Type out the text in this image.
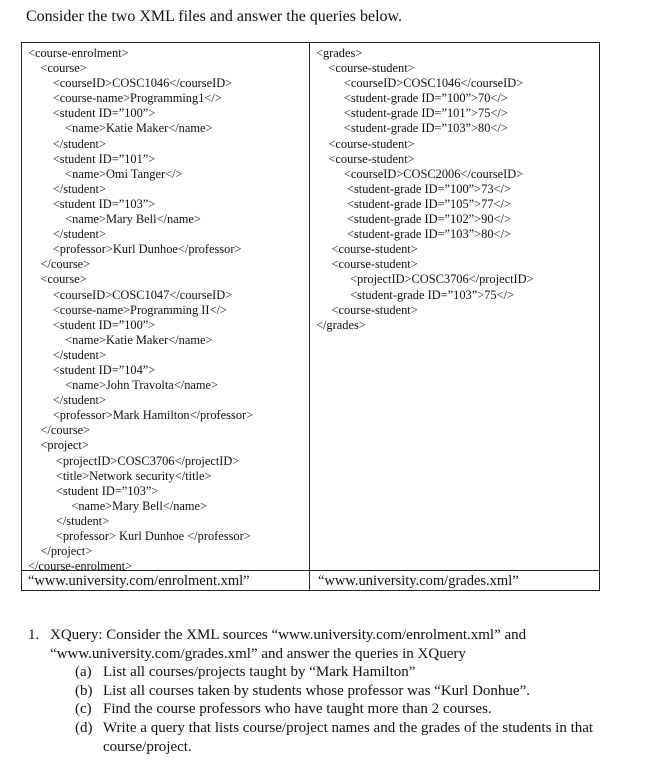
Consider the two XML files and answer the queries below.
<course-enrolment>
<course>
<courseID>COSC1046</courseID>
<course-name>Programming1</>
<student ID=”100”>
<name>Katie Maker</name>
</student>
<student ID=”101”>
<name>Omi Tanger</>
</student>
<student ID=”103”>
<name>Mary Bell</name>
</student>
<professor>Kurl Dunhoe</professor>
</course>
<course>
<courseID>COSC1047</courseID>
<course-name>Programming II</>
<student ID=”100”>
<name>Katie Maker</name>
</student>
<student ID=”104”>
<name>John Travolta</name>
</student>
<professor>Mark Hamilton</professor>
</course>
<project>
<projectID>COSC3706</projectID>
<title>Network security</title>
<student ID=”103”>
<name>Mary Bell</name>
</student>
<professor> Kurl Dunhoe </professor>
</project>
</course-enrolment>
<grades>
<course-student>
<courseID>COSC1046</courseID>
<student-grade ID=”100”>70</>
<student-grade ID=”101”>75</>
<student-grade ID=”103”>80</>
<course-student>
<course-student>
<courseID>COSC2006</courseID>
<student-grade ID=”100”>73</>
<student-grade ID=”105”>77</>
<student-grade ID=”102”>90</>
<student-grade ID=”103”>80</>
<course-student>
<course-student>
<projectID>COSC3706</projectID>
<student-grade ID=”103”>75</>
<course-student>
</grades>
“www.university.com/enrolment.xml”	“www.university.com/grades.xml”
1. XQuery: Consider the XML sources “www.university.com/enrolment.xml” and
“www.university.com/grades.xml” and answer the queries in XQuery
(a) List all courses/projects taught by “Mark Hamilton”
(b) List all courses taken by students whose professor was “Kurl Donhue”.
(c) Find the course professors who have taught more than 2 courses.
(d) Write a query that lists course/project names and the grades of the students in that course/project.
